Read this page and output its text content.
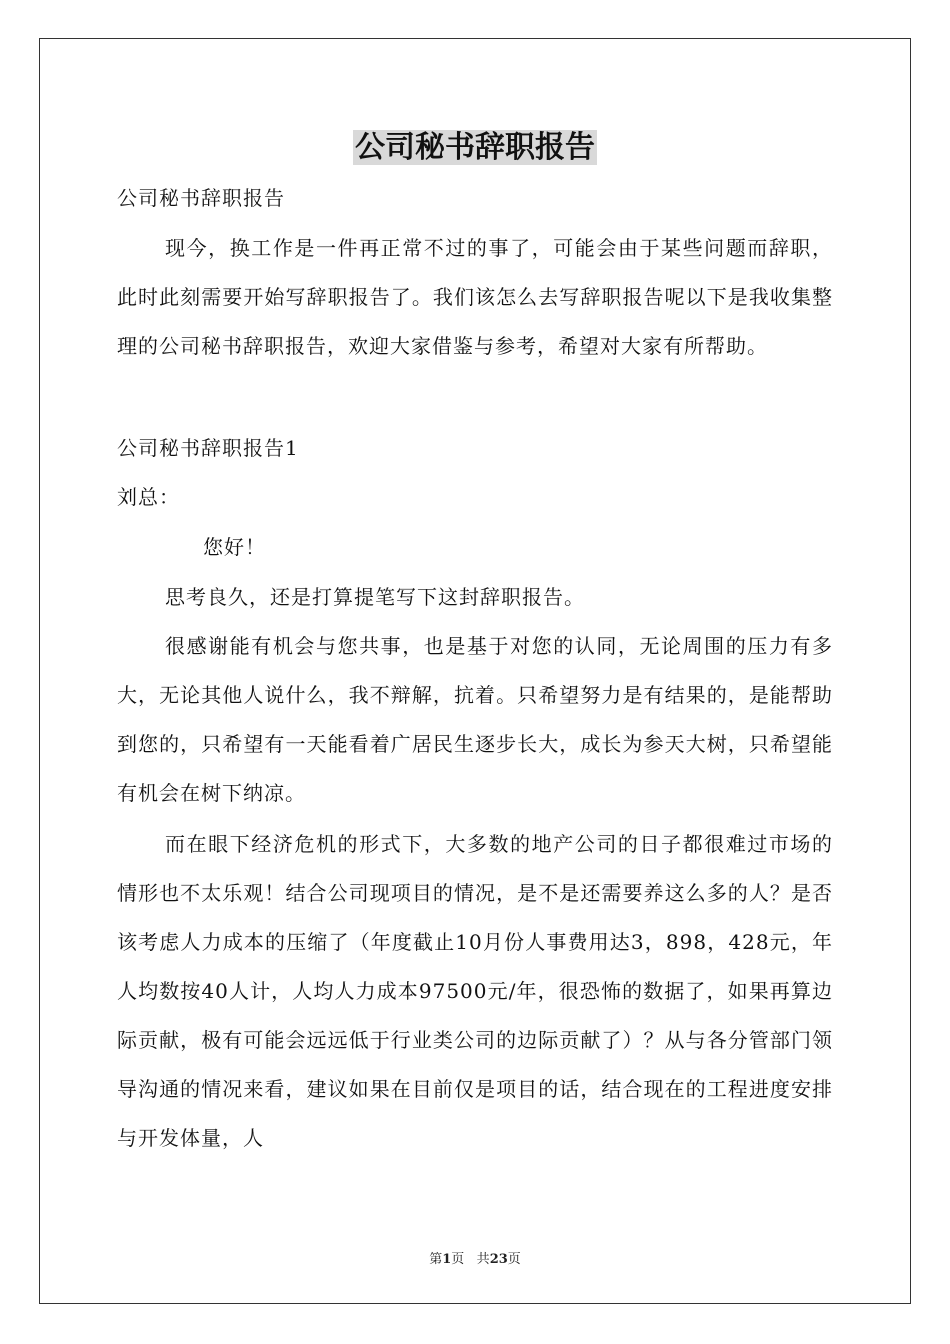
公司秘书辞职报告

公司秘书辞职报告

现今，换工作是一件再正常不过的事了，可能会由于某些问题而辞职，此时此刻需要开始写辞职报告了。我们该怎么去写辞职报告呢以下是我收集整理的公司秘书辞职报告，欢迎大家借鉴与参考，希望对大家有所帮助。

公司秘书辞职报告1

刘总：

您好！

思考良久，还是打算提笔写下这封辞职报告。

很感谢能有机会与您共事，也是基于对您的认同，无论周围的压力有多大，无论其他人说什么，我不辩解，抗着。只希望努力是有结果的，是能帮助到您的，只希望有一天能看着广居民生逐步长大，成长为参天大树，只希望能有机会在树下纳凉。

而在眼下经济危机的形式下，大多数的地产公司的日子都很难过市场的情形也不太乐观！结合公司现项目的情况，是不是还需要养这么多的人？是否该考虑人力成本的压缩了（年度截止10月份人事费用达3，898，428元，年人均数按40人计，人均人力成本97500元/年，很恐怖的数据了，如果再算边际贡献，极有可能会远远低于行业类公司的边际贡献了）？从与各分管部门领导沟通的情况来看，建议如果在目前仅是项目的话，结合现在的工程进度安排与开发体量，人

第1页 共23页
